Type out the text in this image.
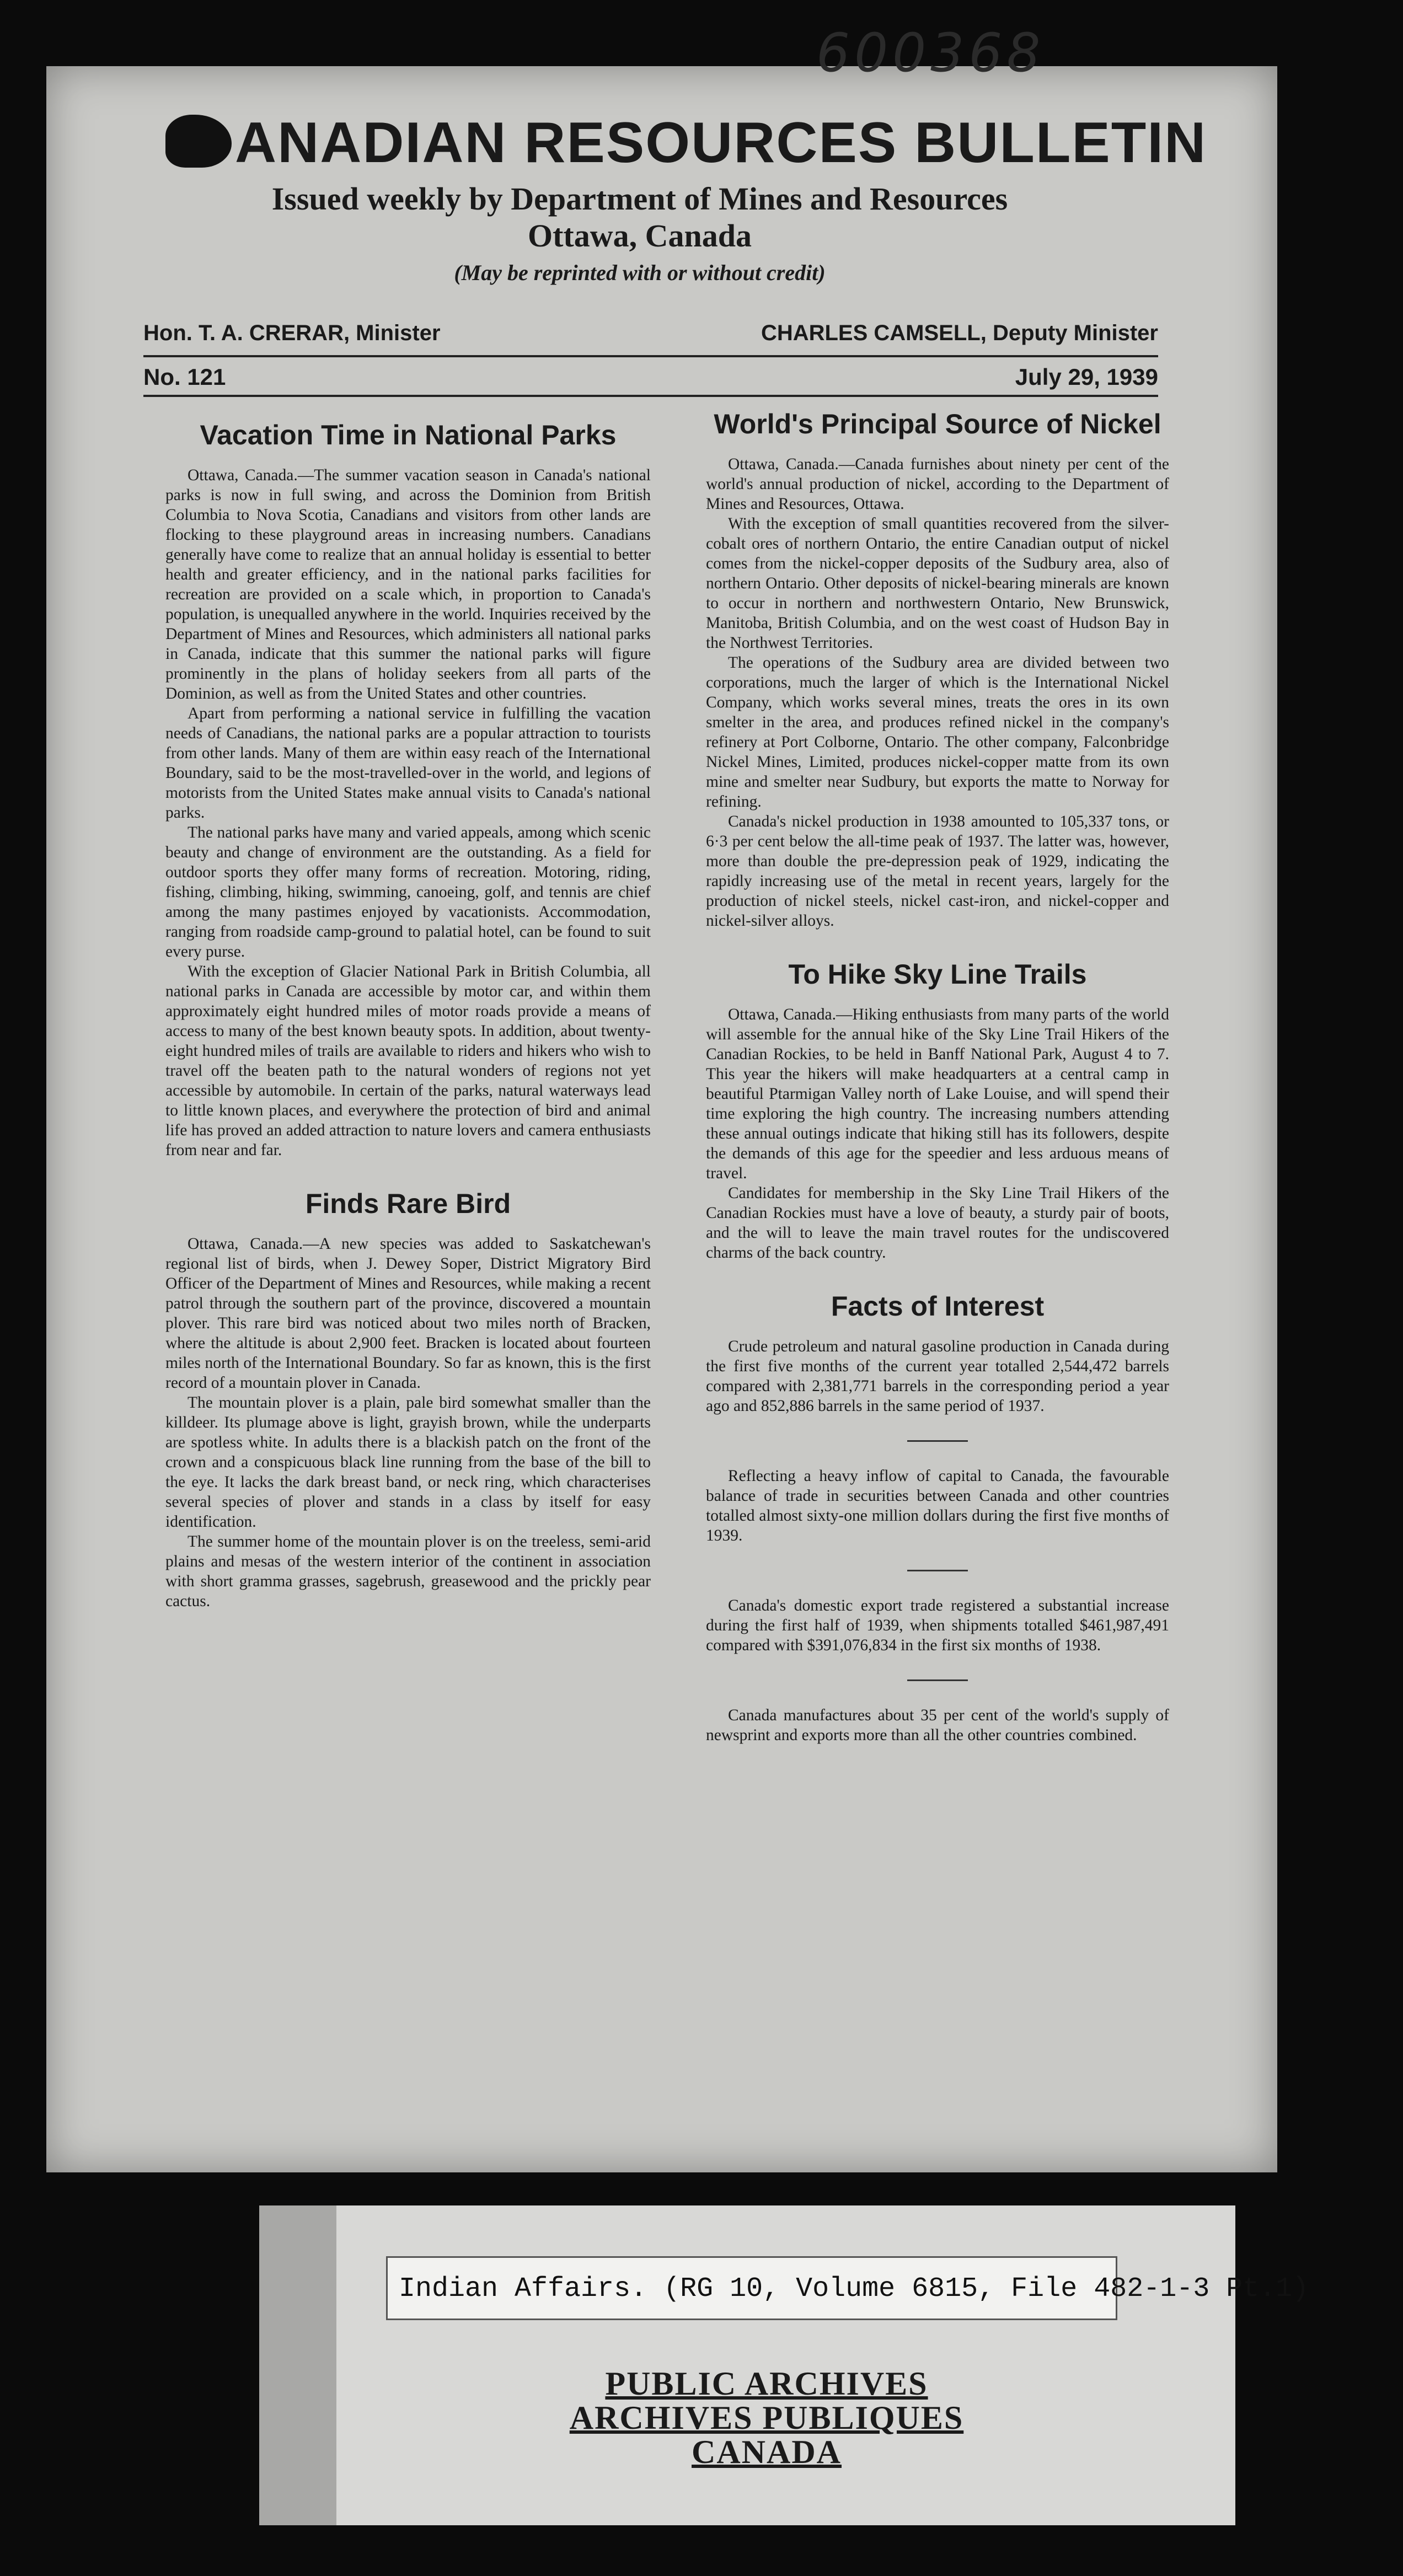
600368
ANADIAN RESOURCES BULLETIN
Issued weekly by Department of Mines and Resources
Ottawa, Canada
(May be reprinted with or without credit)
Hon. T. A. CRERAR, Minister	CHARLES CAMSELL, Deputy Minister
No. 121	July 29, 1939
Vacation Time in National Parks

Ottawa, Canada.—The summer vacation season in Canada's national parks is now in full swing, and across the Dominion from British Columbia to Nova Scotia, Canadians and visitors from other lands are flocking to these playground areas in increasing numbers. Canadians generally have come to realize that an annual holiday is essential to better health and greater efficiency, and in the national parks facilities for recreation are provided on a scale which, in proportion to Canada's population, is unequalled anywhere in the world. Inquiries received by the Department of Mines and Resources, which administers all national parks in Canada, indicate that this summer the national parks will figure prominently in the plans of holiday seekers from all parts of the Dominion, as well as from the United States and other countries.

Apart from performing a national service in fulfilling the vacation needs of Canadians, the national parks are a popular attraction to tourists from other lands. Many of them are within easy reach of the International Boundary, said to be the most-travelled-over in the world, and legions of motorists from the United States make annual visits to Canada's national parks.

The national parks have many and varied appeals, among which scenic beauty and change of environment are the outstanding. As a field for outdoor sports they offer many forms of recreation. Motoring, riding, fishing, climbing, hiking, swimming, canoeing, golf, and tennis are chief among the many pastimes enjoyed by vacationists. Accommodation, ranging from roadside camp-ground to palatial hotel, can be found to suit every purse.

With the exception of Glacier National Park in British Columbia, all national parks in Canada are accessible by motor car, and within them approximately eight hundred miles of motor roads provide a means of access to many of the best known beauty spots. In addition, about twenty-eight hundred miles of trails are available to riders and hikers who wish to travel off the beaten path to the natural wonders of regions not yet accessible by automobile. In certain of the parks, natural waterways lead to little known places, and everywhere the protection of bird and animal life has proved an added attraction to nature lovers and camera enthusiasts from near and far.

Finds Rare Bird

Ottawa, Canada.—A new species was added to Saskatchewan's regional list of birds, when J. Dewey Soper, District Migratory Bird Officer of the Department of Mines and Resources, while making a recent patrol through the southern part of the province, discovered a mountain plover. This rare bird was noticed about two miles north of Bracken, where the altitude is about 2,900 feet. Bracken is located about fourteen miles north of the International Boundary. So far as known, this is the first record of a mountain plover in Canada.

The mountain plover is a plain, pale bird somewhat smaller than the killdeer. Its plumage above is light, grayish brown, while the underparts are spotless white. In adults there is a blackish patch on the front of the crown and a conspicuous black line running from the base of the bill to the eye. It lacks the dark breast band, or neck ring, which characterises several species of plover and stands in a class by itself for easy identification.

The summer home of the mountain plover is on the treeless, semi-arid plains and mesas of the western interior of the continent in association with short gramma grasses, sagebrush, greasewood and the prickly pear cactus.

World's Principal Source of Nickel

Ottawa, Canada.—Canada furnishes about ninety per cent of the world's annual production of nickel, according to the Department of Mines and Resources, Ottawa.

With the exception of small quantities recovered from the silver-cobalt ores of northern Ontario, the entire Canadian output of nickel comes from the nickel-copper deposits of the Sudbury area, also of northern Ontario. Other deposits of nickel-bearing minerals are known to occur in northern and northwestern Ontario, New Brunswick, Manitoba, British Columbia, and on the west coast of Hudson Bay in the Northwest Territories.

The operations of the Sudbury area are divided between two corporations, much the larger of which is the International Nickel Company, which works several mines, treats the ores in its own smelter in the area, and produces refined nickel in the company's refinery at Port Colborne, Ontario. The other company, Falconbridge Nickel Mines, Limited, produces nickel-copper matte from its own mine and smelter near Sudbury, but exports the matte to Norway for refining.

Canada's nickel production in 1938 amounted to 105,337 tons, or 6·3 per cent below the all-time peak of 1937. The latter was, however, more than double the pre-depression peak of 1929, indicating the rapidly increasing use of the metal in recent years, largely for the production of nickel steels, nickel cast-iron, and nickel-copper and nickel-silver alloys.

To Hike Sky Line Trails

Ottawa, Canada.—Hiking enthusiasts from many parts of the world will assemble for the annual hike of the Sky Line Trail Hikers of the Canadian Rockies, to be held in Banff National Park, August 4 to 7. This year the hikers will make headquarters at a central camp in beautiful Ptarmigan Valley north of Lake Louise, and will spend their time exploring the high country. The increasing numbers attending these annual outings indicate that hiking still has its followers, despite the demands of this age for the speedier and less arduous means of travel.

Candidates for membership in the Sky Line Trail Hikers of the Canadian Rockies must have a love of beauty, a sturdy pair of boots, and the will to leave the main travel routes for the undiscovered charms of the back country.

Facts of Interest

Crude petroleum and natural gasoline production in Canada during the first five months of the current year totalled 2,544,472 barrels compared with 2,381,771 barrels in the corresponding period a year ago and 852,886 barrels in the same period of 1937.

Reflecting a heavy inflow of capital to Canada, the favourable balance of trade in securities between Canada and other countries totalled almost sixty-one million dollars during the first five months of 1939.

Canada's domestic export trade registered a substantial increase during the first half of 1939, when shipments totalled $461,987,491 compared with $391,076,834 in the first six months of 1938.

Canada manufactures about 35 per cent of the world's supply of newsprint and exports more than all the other countries combined.

Indian Affairs. (RG 10, Volume 6815, File 482-1-3 Pt.1)
PUBLIC ARCHIVES
ARCHIVES PUBLIQUES
CANADA
